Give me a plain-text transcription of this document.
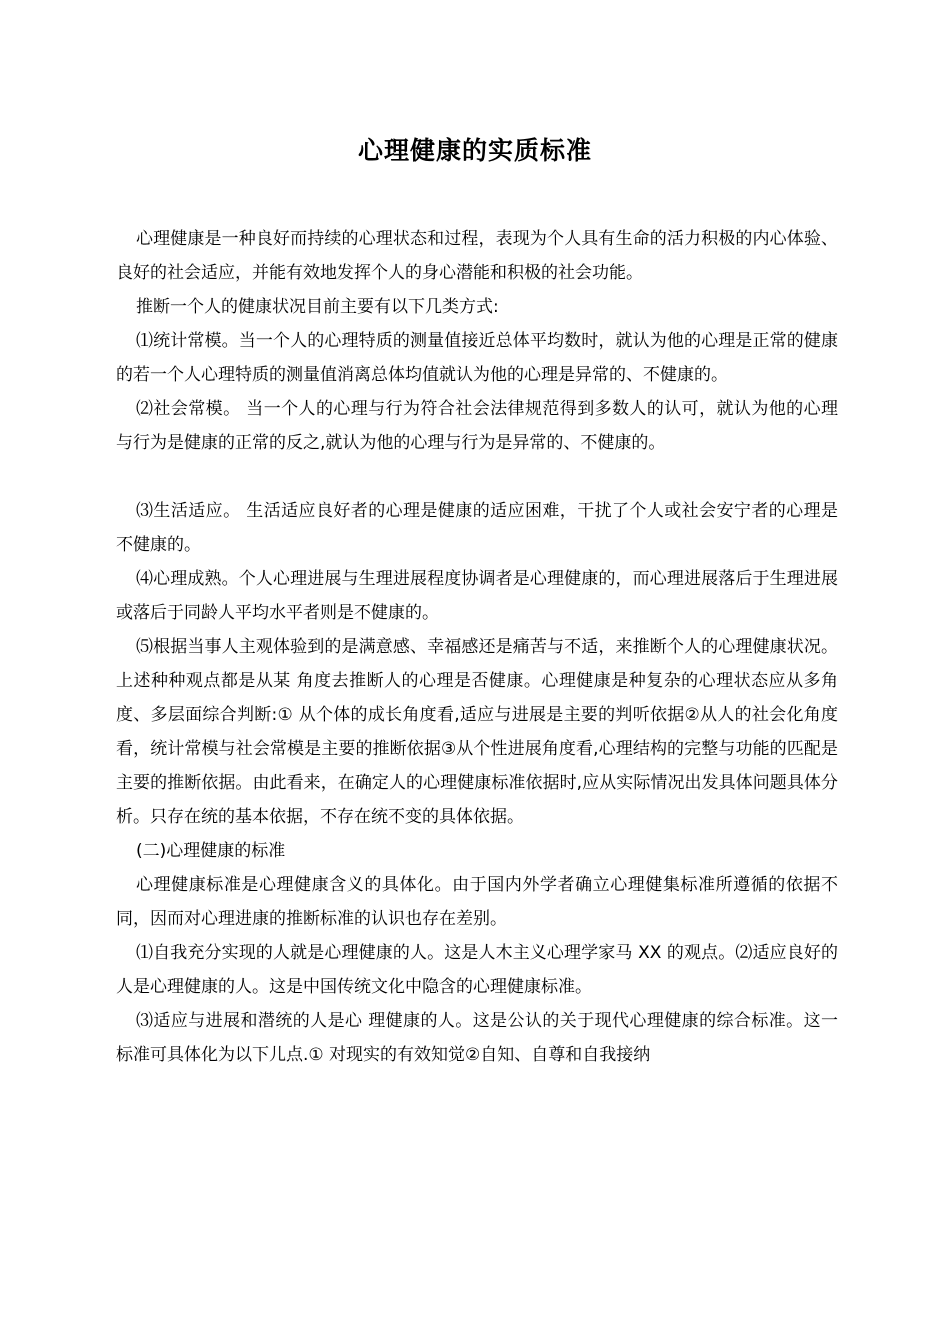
心理健康的实质标准

心理健康是一种良好而持续的心理状态和过程，表现为个人具有生命的活力积极的内心体验、良好的社会适应，并能有效地发挥个人的身心潜能和积极的社会功能。

推断一个人的健康状况目前主要有以下几类方式:

⑴统计常模。当一个人的心理特质的测量值接近总体平均数时，就认为他的心理是正常的健康的若一个人心理特质的测量值消离总体均值就认为他的心理是异常的、不健康的。

⑵社会常模。 当一个人的心理与行为符合社会法律规范得到多数人的认可，就认为他的心理与行为是健康的正常的反之,就认为他的心理与行为是异常的、不健康的。

⑶生活适应。 生活适应良好者的心理是健康的适应困难，干扰了个人或社会安宁者的心理是不健康的。

⑷心理成熟。个人心理进展与生理进展程度协调者是心理健康的，而心理进展落后于生理进展或落后于同龄人平均水平者则是不健康的。

⑸根据当事人主观体验到的是满意感、幸福感还是痛苦与不适，来推断个人的心理健康状况。上述种种观点都是从某 角度去推断人的心理是否健康。心理健康是种复杂的心理状态应从多角度、多层面综合判断:① 从个体的成长角度看,适应与进展是主要的判听依据②从人的社会化角度看，统计常模与社会常模是主要的推断依据③从个性进展角度看,心理结构的完整与功能的匹配是主要的推断依据。由此看来，在确定人的心理健康标准依据时,应从实际情况出发具体问题具体分析。只存在统的基本依据，不存在统不变的具体依据。

(二)心理健康的标准

心理健康标准是心理健康含义的具体化。由于国内外学者确立心理健集标准所遵循的依据不同，因而对心理进康的推断标准的认识也存在差别。

⑴自我充分实现的人就是心理健康的人。这是人木主义心理学家马 XX 的观点。⑵适应良好的人是心理健康的人。这是中国传统文化中隐含的心理健康标准。

⑶适应与进展和潜统的人是心 理健康的人。这是公认的关于现代心理健康的综合标准。这一标准可具体化为以下儿点.① 对现实的有效知觉②自知、自尊和自我接纳
